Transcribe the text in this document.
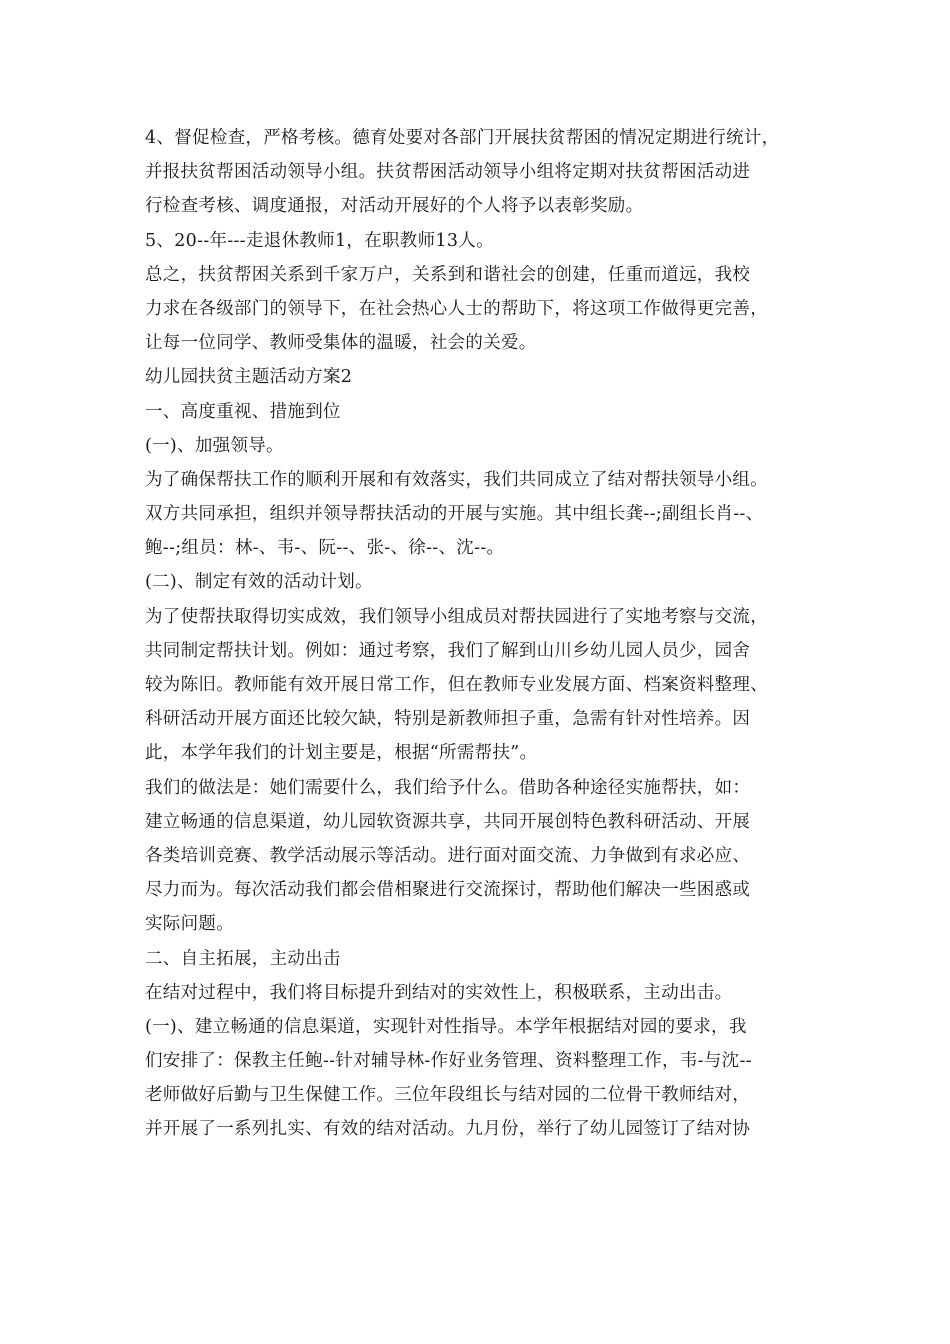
4、督促检查，严格考核。德育处要对各部门开展扶贫帮困的情况定期进行统计，
并报扶贫帮困活动领导小组。扶贫帮困活动领导小组将定期对扶贫帮困活动进
行检查考核、调度通报，对活动开展好的个人将予以表彰奖励。
5、20--年---走退休教师1，在职教师13人。
总之，扶贫帮困关系到千家万户，关系到和谐社会的创建，任重而道远，我校
力求在各级部门的领导下，在社会热心人士的帮助下，将这项工作做得更完善，
让每一位同学、教师受集体的温暖，社会的关爱。
幼儿园扶贫主题活动方案2
一、高度重视、措施到位
(一)、加强领导。
为了确保帮扶工作的顺利开展和有效落实，我们共同成立了结对帮扶领导小组。
双方共同承担，组织并领导帮扶活动的开展与实施。其中组长龚--;副组长肖--、
鲍--;组员：林-、韦-、阮--、张-、徐--、沈--。
(二)、制定有效的活动计划。
为了使帮扶取得切实成效，我们领导小组成员对帮扶园进行了实地考察与交流，
共同制定帮扶计划。例如：通过考察，我们了解到山川乡幼儿园人员少，园舍
较为陈旧。教师能有效开展日常工作，但在教师专业发展方面、档案资料整理、
科研活动开展方面还比较欠缺，特别是新教师担子重，急需有针对性培养。因
此，本学年我们的计划主要是，根据“所需帮扶”。
我们的做法是：她们需要什么，我们给予什么。借助各种途径实施帮扶，如：
建立畅通的信息渠道，幼儿园软资源共享，共同开展创特色教科研活动、开展
各类培训竞赛、教学活动展示等活动。进行面对面交流、力争做到有求必应、
尽力而为。每次活动我们都会借相聚进行交流探讨，帮助他们解决一些困惑或
实际问题。
二、自主拓展，主动出击
在结对过程中，我们将目标提升到结对的实效性上，积极联系，主动出击。
(一)、建立畅通的信息渠道，实现针对性指导。本学年根据结对园的要求，我
们安排了：保教主任鲍--针对辅导林-作好业务管理、资料整理工作，韦-与沈--
老师做好后勤与卫生保健工作。三位年段组长与结对园的二位骨干教师结对，
并开展了一系列扎实、有效的结对活动。九月份，举行了幼儿园签订了结对协
